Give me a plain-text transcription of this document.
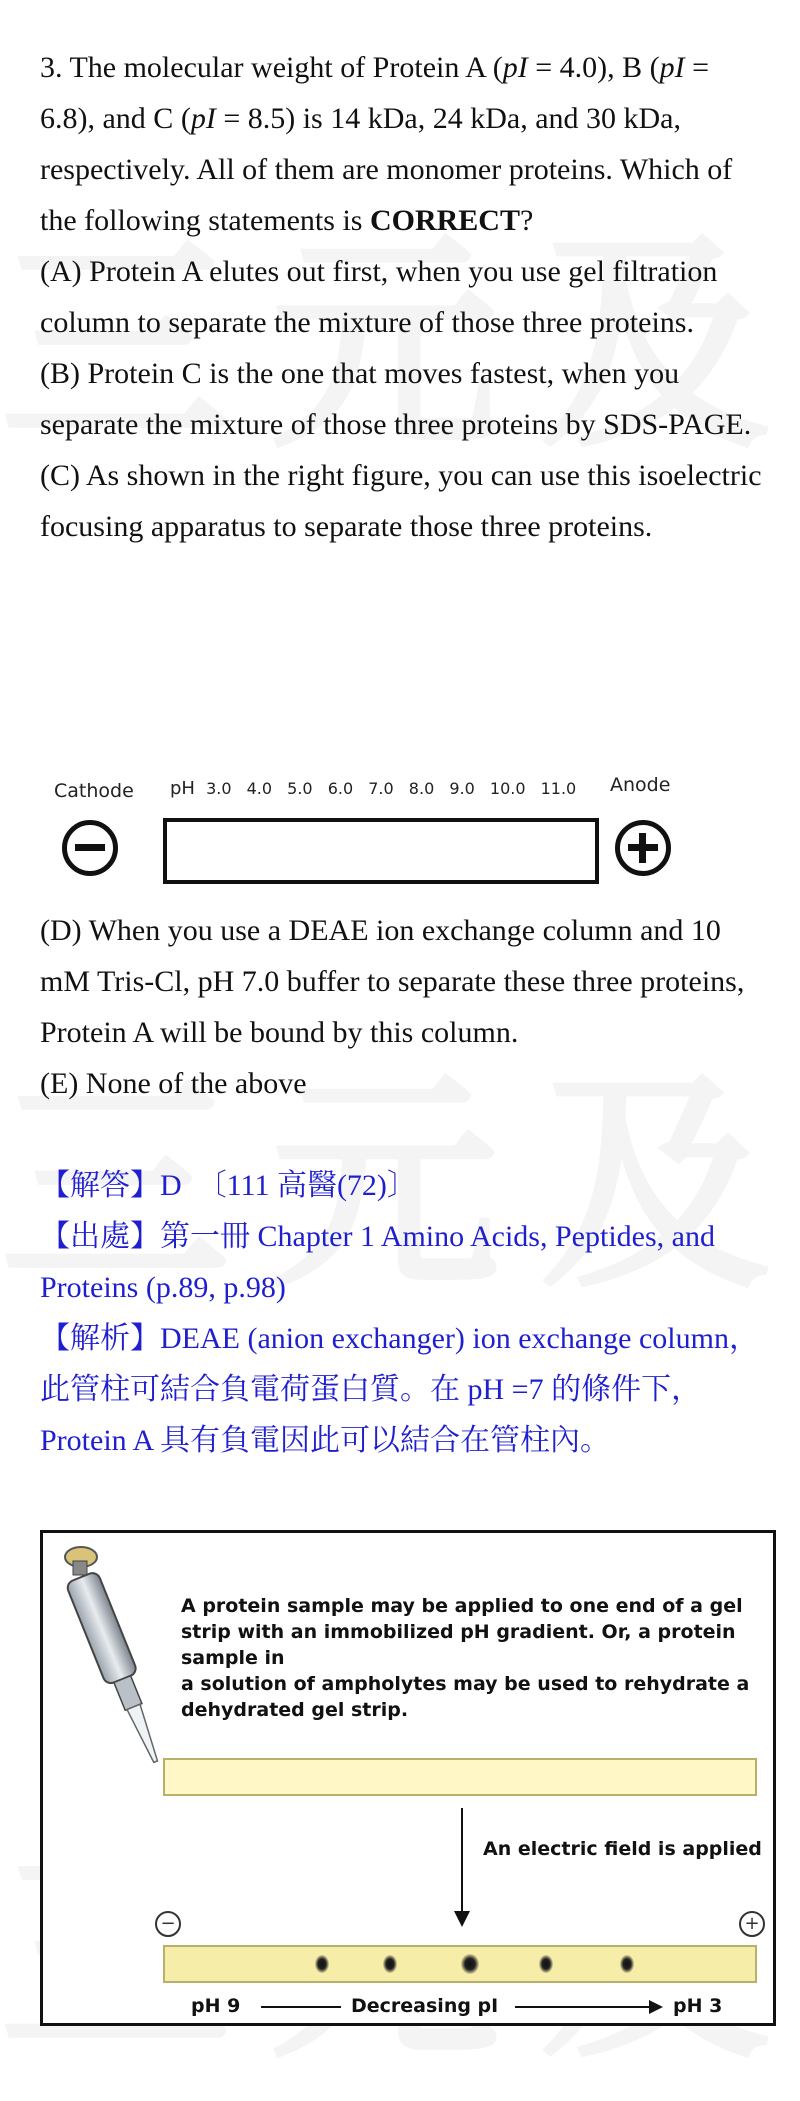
3. The molecular weight of Protein A (pI = 4.0), B (pI = 6.8), and C (pI = 8.5) is 14 kDa, 24 kDa, and 30 kDa, respectively. All of them are monomer proteins. Which of the following statements is CORRECT?

(A) Protein A elutes out first, when you use gel filtration column to separate the mixture of those three proteins.

(B) Protein C is the one that moves fastest, when you separate the mixture of those three proteins by SDS-PAGE.

(C) As shown in the right figure, you can use this isoelectric focusing apparatus to separate those three proteins.

Cathode	Anode
pH 3.0 4.0 5.0 6.0 7.0 8.0 9.0 10.0 11.0

(D) When you use a DEAE ion exchange column and 10 mM Tris-Cl, pH 7.0 buffer to separate these three proteins, Protein A will be bound by this column.

(E) None of the above

【解答】D　〔111 高醫(72)〕

【出處】第一冊 Chapter 1 Amino Acids, Peptides, and Proteins (p.89, p.98)

【解析】DEAE (anion exchanger) ion exchange column，此管柱可結合負電荷蛋白質。在 pH =7 的條件下，Protein A 具有負電因此可以結合在管柱內。

A protein sample may be applied to one end of a gel strip with an immobilized pH gradient. Or, a protein sample in
a solution of ampholytes may be used to rehydrate a dehydrated gel strip.
An electric field is applied
−	+
pH 9	Decreasing pI	pH 3
